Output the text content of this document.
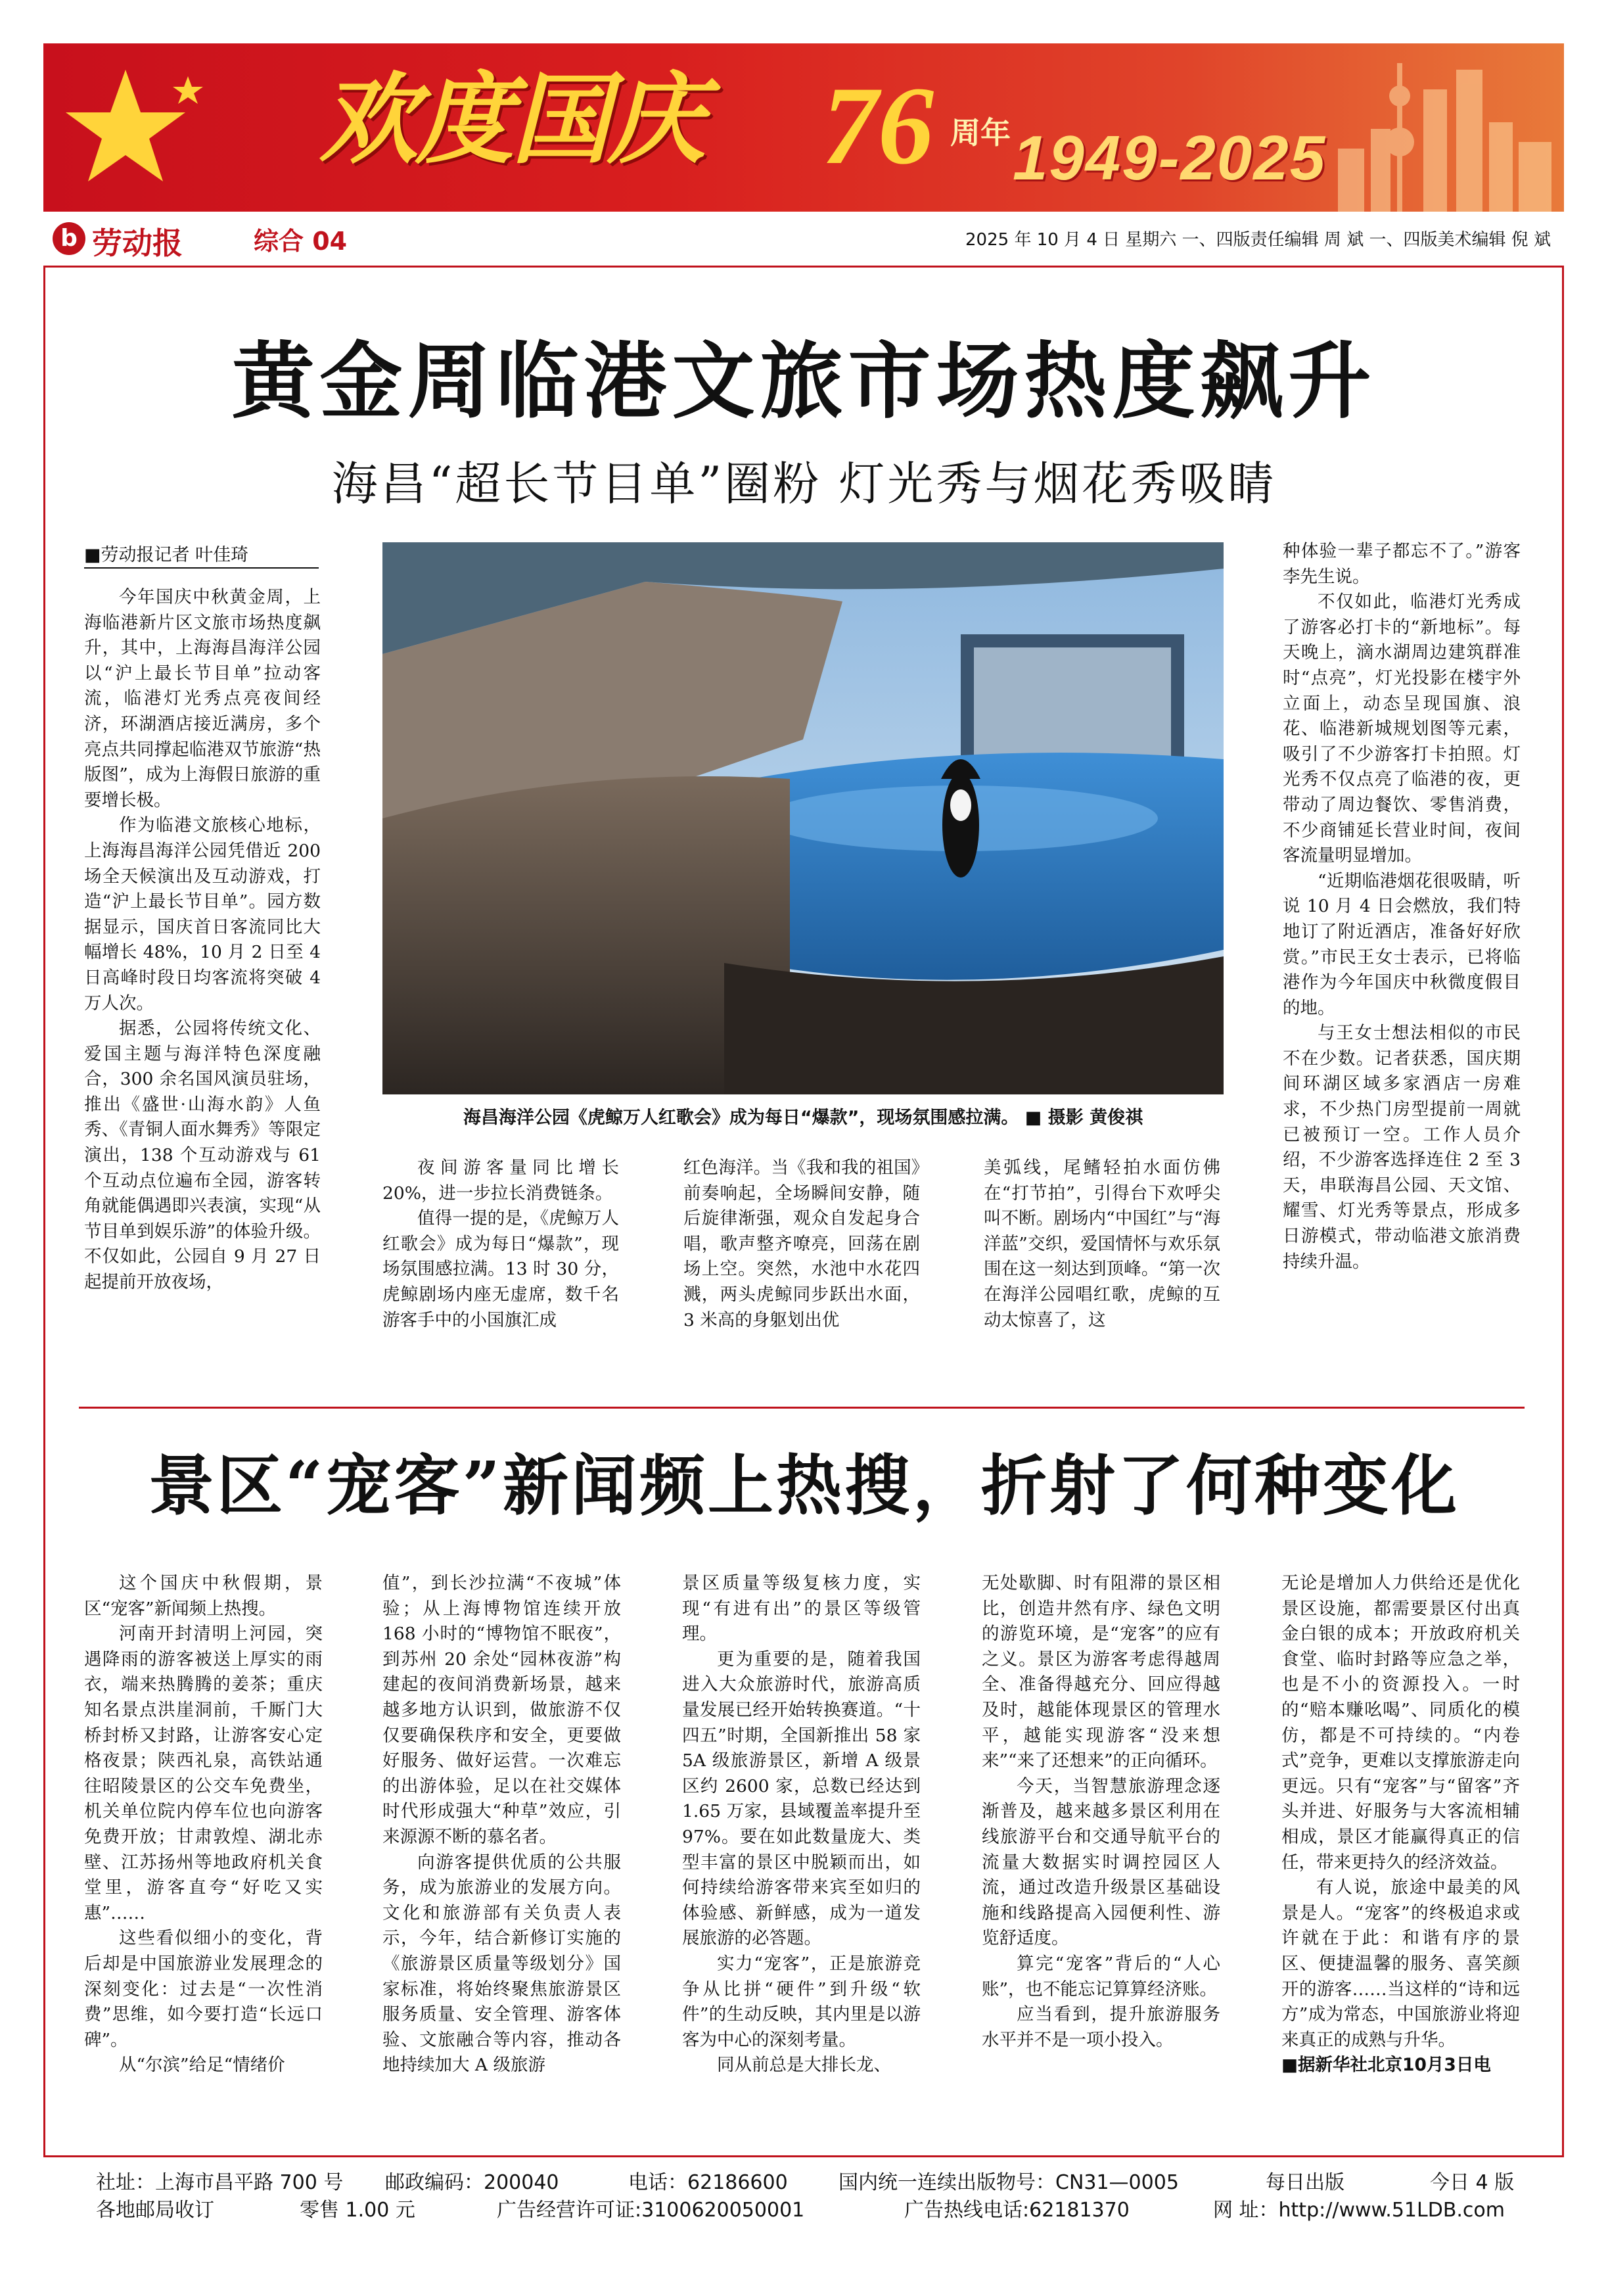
欢度国庆 76 周年 1949-2025
b 劳动报	综合 04	2025 年 10 月 4 日 星期六 一、四版责任编辑 周 斌 一、四版美术编辑 倪 斌
黄金周临港文旅市场热度飙升
海昌“超长节目单”圈粉 灯光秀与烟花秀吸睛
■劳动报记者 叶佳琦

今年国庆中秋黄金周，上海临港新片区文旅市场热度飙升，其中，上海海昌海洋公园以“沪上最长节目单”拉动客流，临港灯光秀点亮夜间经济，环湖酒店接近满房，多个亮点共同撑起临港双节旅游“热版图”，成为上海假日旅游的重要增长极。

作为临港文旅核心地标，上海海昌海洋公园凭借近 200 场全天候演出及互动游戏，打造“沪上最长节目单”。园方数据显示，国庆首日客流同比大幅增长 48%，10 月 2 日至 4 日高峰时段日均客流将突破 4 万人次。

据悉，公园将传统文化、爱国主题与海洋特色深度融合，300 余名国风演员驻场，推出《盛世·山海水韵》人鱼秀、《青铜人面水舞秀》等限定演出，138 个互动游戏与 61 个互动点位遍布全园，游客转角就能偶遇即兴表演，实现“从节目单到娱乐游”的体验升级。不仅如此，公园自 9 月 27 日起提前开放夜场，

海昌海洋公园《虎鲸万人红歌会》成为每日“爆款”，现场氛围感拉满。 ■ 摄影 黄俊祺

夜间游客量同比增长 20%，进一步拉长消费链条。

值得一提的是，《虎鲸万人红歌会》成为每日“爆款”，现场氛围感拉满。13 时 30 分，虎鲸剧场内座无虚席，数千名游客手中的小国旗汇成

红色海洋。当《我和我的祖国》前奏响起，全场瞬间安静，随后旋律渐强，观众自发起身合唱，歌声整齐嘹亮，回荡在剧场上空。突然，水池中水花四溅，两头虎鲸同步跃出水面，3 米高的身躯划出优

美弧线，尾鳍轻拍水面仿佛在“打节拍”，引得台下欢呼尖叫不断。剧场内“中国红”与“海洋蓝”交织，爱国情怀与欢乐氛围在这一刻达到顶峰。“第一次在海洋公园唱红歌，虎鲸的互动太惊喜了，这

种体验一辈子都忘不了。”游客李先生说。

不仅如此，临港灯光秀成了游客必打卡的“新地标”。每天晚上，滴水湖周边建筑群准时“点亮”，灯光投影在楼宇外立面上，动态呈现国旗、浪花、临港新城规划图等元素，吸引了不少游客打卡拍照。灯光秀不仅点亮了临港的夜，更带动了周边餐饮、零售消费，不少商铺延长营业时间，夜间客流量明显增加。

“近期临港烟花很吸睛，听说 10 月 4 日会燃放，我们特地订了附近酒店，准备好好欣赏。”市民王女士表示，已将临港作为今年国庆中秋微度假目的地。

与王女士想法相似的市民不在少数。记者获悉，国庆期间环湖区域多家酒店一房难求，不少热门房型提前一周就已被预订一空。工作人员介绍，不少游客选择连住 2 至 3 天，串联海昌公园、天文馆、耀雪、灯光秀等景点，形成多日游模式，带动临港文旅消费持续升温。

景区“宠客”新闻频上热搜，折射了何种变化

这个国庆中秋假期，景区“宠客”新闻频上热搜。

河南开封清明上河园，突遇降雨的游客被送上厚实的雨衣，端来热腾腾的姜茶；重庆知名景点洪崖洞前，千厮门大桥封桥又封路，让游客安心定格夜景；陕西礼泉，高铁站通往昭陵景区的公交车免费坐，机关单位院内停车位也向游客免费开放；甘肃敦煌、湖北赤壁、江苏扬州等地政府机关食堂里，游客直夸“好吃又实惠”……

这些看似细小的变化，背后却是中国旅游业发展理念的深刻变化：过去是“一次性消费”思维，如今要打造“长远口碑”。

从“尔滨”给足“情绪价

值”，到长沙拉满“不夜城”体验；从上海博物馆连续开放 168 小时的“博物馆不眠夜”，到苏州 20 余处“园林夜游”构建起的夜间消费新场景，越来越多地方认识到，做旅游不仅仅要确保秩序和安全，更要做好服务、做好运营。一次难忘的出游体验，足以在社交媒体时代形成强大“种草”效应，引来源源不断的慕名者。

向游客提供优质的公共服务，成为旅游业的发展方向。文化和旅游部有关负责人表示，今年，结合新修订实施的《旅游景区质量等级划分》国家标准，将始终聚焦旅游景区服务质量、安全管理、游客体验、文旅融合等内容，推动各地持续加大 A 级旅游

景区质量等级复核力度，实现“有进有出”的景区等级管理。

更为重要的是，随着我国进入大众旅游时代，旅游高质量发展已经开始转换赛道。“十四五”时期，全国新推出 58 家 5A 级旅游景区，新增 A 级景区约 2600 家，总数已经达到 1.65 万家，县域覆盖率提升至 97%。要在如此数量庞大、类型丰富的景区中脱颖而出，如何持续给游客带来宾至如归的体验感、新鲜感，成为一道发展旅游的必答题。

实力“宠客”，正是旅游竞争从比拼“硬件”到升级“软件”的生动反映，其内里是以游客为中心的深刻考量。

同从前总是大排长龙、

无处歇脚、时有阻滞的景区相比，创造井然有序、绿色文明的游览环境，是“宠客”的应有之义。景区为游客考虑得越周全、准备得越充分、回应得越及时，越能体现景区的管理水平，越能实现游客“没来想来”“来了还想来”的正向循环。

今天，当智慧旅游理念逐渐普及，越来越多景区利用在线旅游平台和交通导航平台的流量大数据实时调控园区人流，通过改造升级景区基础设施和线路提高入园便利性、游览舒适度。

算完“宠客”背后的“人心账”，也不能忘记算算经济账。

应当看到，提升旅游服务水平并不是一项小投入。

无论是增加人力供给还是优化景区设施，都需要景区付出真金白银的成本；开放政府机关食堂、临时封路等应急之举，也是不小的资源投入。一时的“赔本赚吆喝”、同质化的模仿，都是不可持续的。“内卷式”竞争，更难以支撑旅游走向更远。只有“宠客”与“留客”齐头并进、好服务与大客流相辅相成，景区才能赢得真正的信任，带来更持久的经济效益。

有人说，旅途中最美的风景是人。“宠客”的终极追求或许就在于此：和谐有序的景区、便捷温馨的服务、喜笑颜开的游客……当这样的“诗和远方”成为常态，中国旅游业将迎来真正的成熟与升华。

■据新华社北京10月3日电

社址：上海市昌平路 700 号 邮政编码：200040	电话：62186600	国内统一连续出版物号：CN31—0005	每日出版	今日 4 版
各地邮局收订	零售 1.00 元	广告经营许可证:3100620050001	广告热线电话:62181370	网 址：http://www.51LDB.com
